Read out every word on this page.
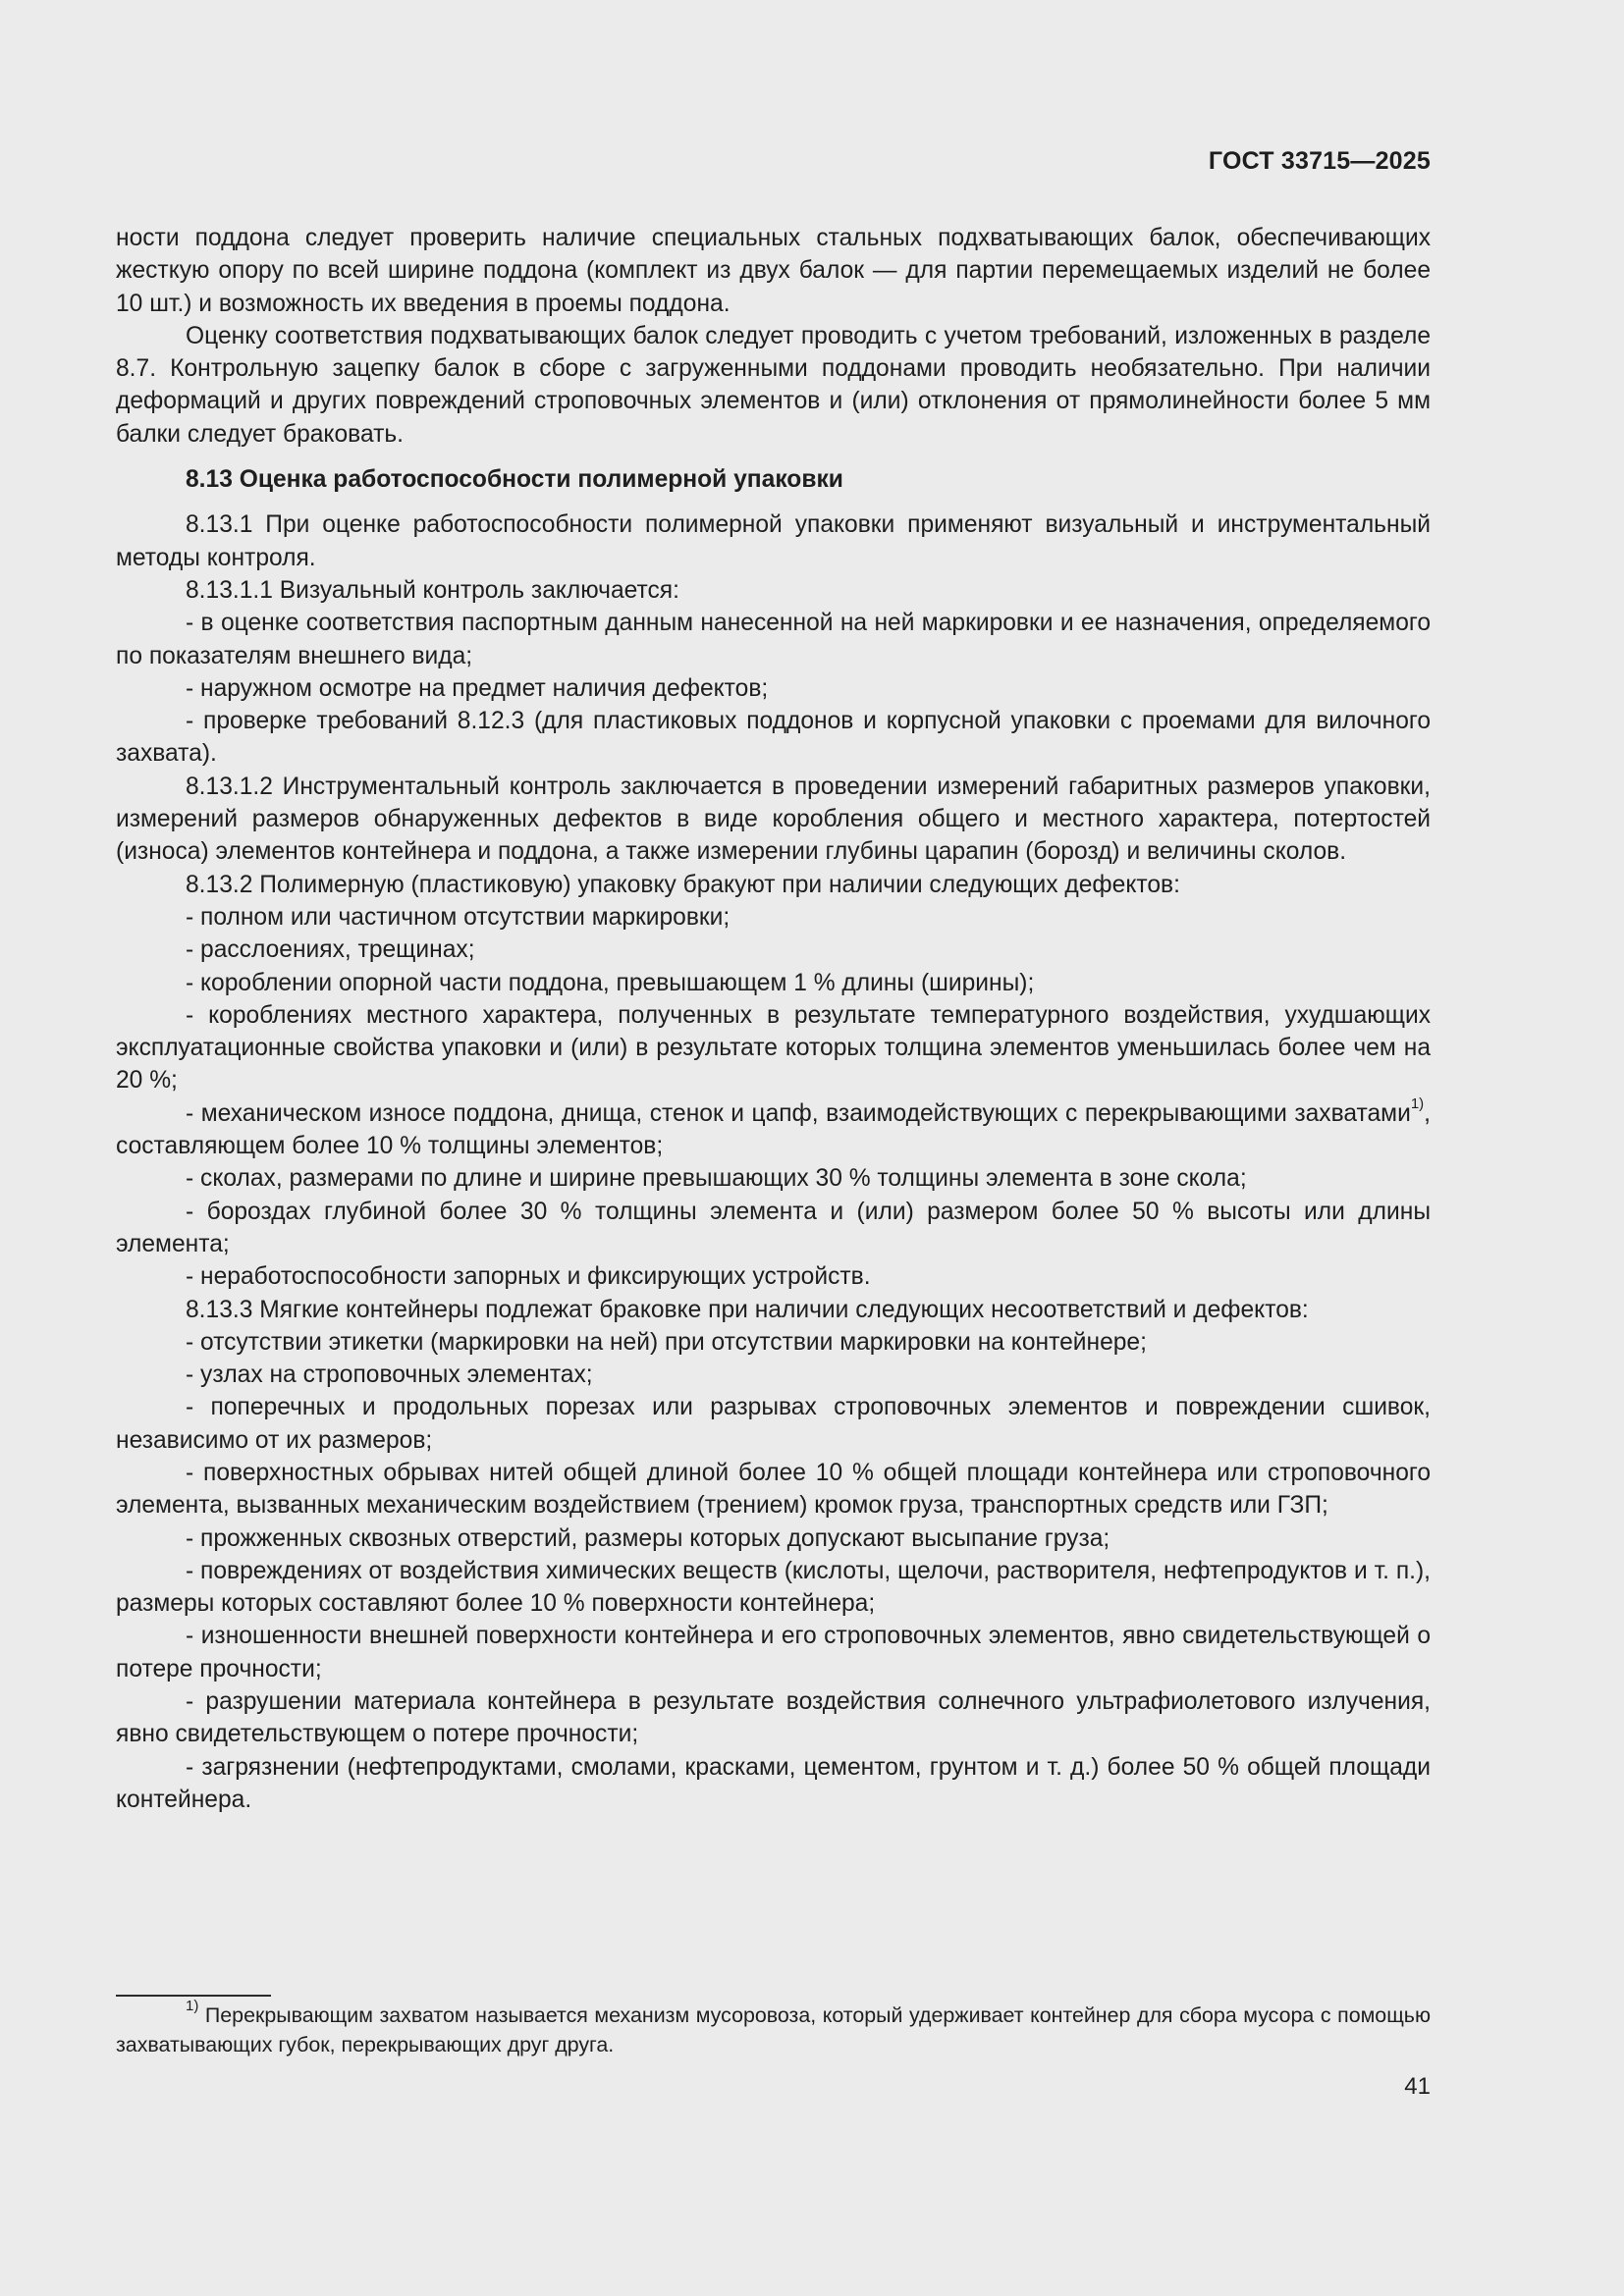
ГОСТ 33715—2025

ности поддона следует проверить наличие специальных стальных подхватывающих балок, обеспечивающих жесткую опору по всей ширине поддона (комплект из двух балок — для партии перемещаемых изделий не более 10 шт.) и возможность их введения в проемы поддона.

Оценку соответствия подхватывающих балок следует проводить с учетом требований, изложенных в разделе 8.7. Контрольную зацепку балок в сборе с загруженными поддонами проводить необязательно. При наличии деформаций и других повреждений строповочных элементов и (или) отклонения от прямолинейности более 5 мм балки следует браковать.

8.13 Оценка работоспособности полимерной упаковки

8.13.1 При оценке работоспособности полимерной упаковки применяют визуальный и инструментальный методы контроля.

8.13.1.1 Визуальный контроль заключается:

- в оценке соответствия паспортным данным нанесенной на ней маркировки и ее назначения, определяемого по показателям внешнего вида;

- наружном осмотре на предмет наличия дефектов;

- проверке требований 8.12.3 (для пластиковых поддонов и корпусной упаковки с проемами для вилочного захвата).

8.13.1.2 Инструментальный контроль заключается в проведении измерений габаритных размеров упаковки, измерений размеров обнаруженных дефектов в виде коробления общего и местного характера, потертостей (износа) элементов контейнера и поддона, а также измерении глубины царапин (борозд) и величины сколов.

8.13.2 Полимерную (пластиковую) упаковку бракуют при наличии следующих дефектов:

- полном или частичном отсутствии маркировки;

- расслоениях, трещинах;

- короблении опорной части поддона, превышающем 1 % длины (ширины);

- короблениях местного характера, полученных в результате температурного воздействия, ухудшающих эксплуатационные свойства упаковки и (или) в результате которых толщина элементов уменьшилась более чем на 20 %;

- механическом износе поддона, днища, стенок и цапф, взаимодействующих с перекрывающими захватами$^{1)}$, составляющем более 10 % толщины элементов;

- сколах, размерами по длине и ширине превышающих 30 % толщины элемента в зоне скола;

- бороздах глубиной более 30 % толщины элемента и (или) размером более 50 % высоты или длины элемента;

- неработоспособности запорных и фиксирующих устройств.

8.13.3 Мягкие контейнеры подлежат браковке при наличии следующих несоответствий и дефектов:

- отсутствии этикетки (маркировки на ней) при отсутствии маркировки на контейнере;

- узлах на строповочных элементах;

- поперечных и продольных порезах или разрывах строповочных элементов и повреждении сшивок, независимо от их размеров;

- поверхностных обрывах нитей общей длиной более 10 % общей площади контейнера или строповочного элемента, вызванных механическим воздействием (трением) кромок груза, транспортных средств или ГЗП;

- прожженных сквозных отверстий, размеры которых допускают высыпание груза;

- повреждениях от воздействия химических веществ (кислоты, щелочи, растворителя, нефтепродуктов и т. п.), размеры которых составляют более 10 % поверхности контейнера;

- изношенности внешней поверхности контейнера и его строповочных элементов, явно свидетельствующей о потере прочности;

- разрушении материала контейнера в результате воздействия солнечного ультрафиолетового излучения, явно свидетельствующем о потере прочности;

- загрязнении (нефтепродуктами, смолами, красками, цементом, грунтом и т. д.) более 50 % общей площади контейнера.

$^{1)}$ Перекрывающим захватом называется механизм мусоровоза, который удерживает контейнер для сбора мусора с помощью захватывающих губок, перекрывающих друг друга.

41
